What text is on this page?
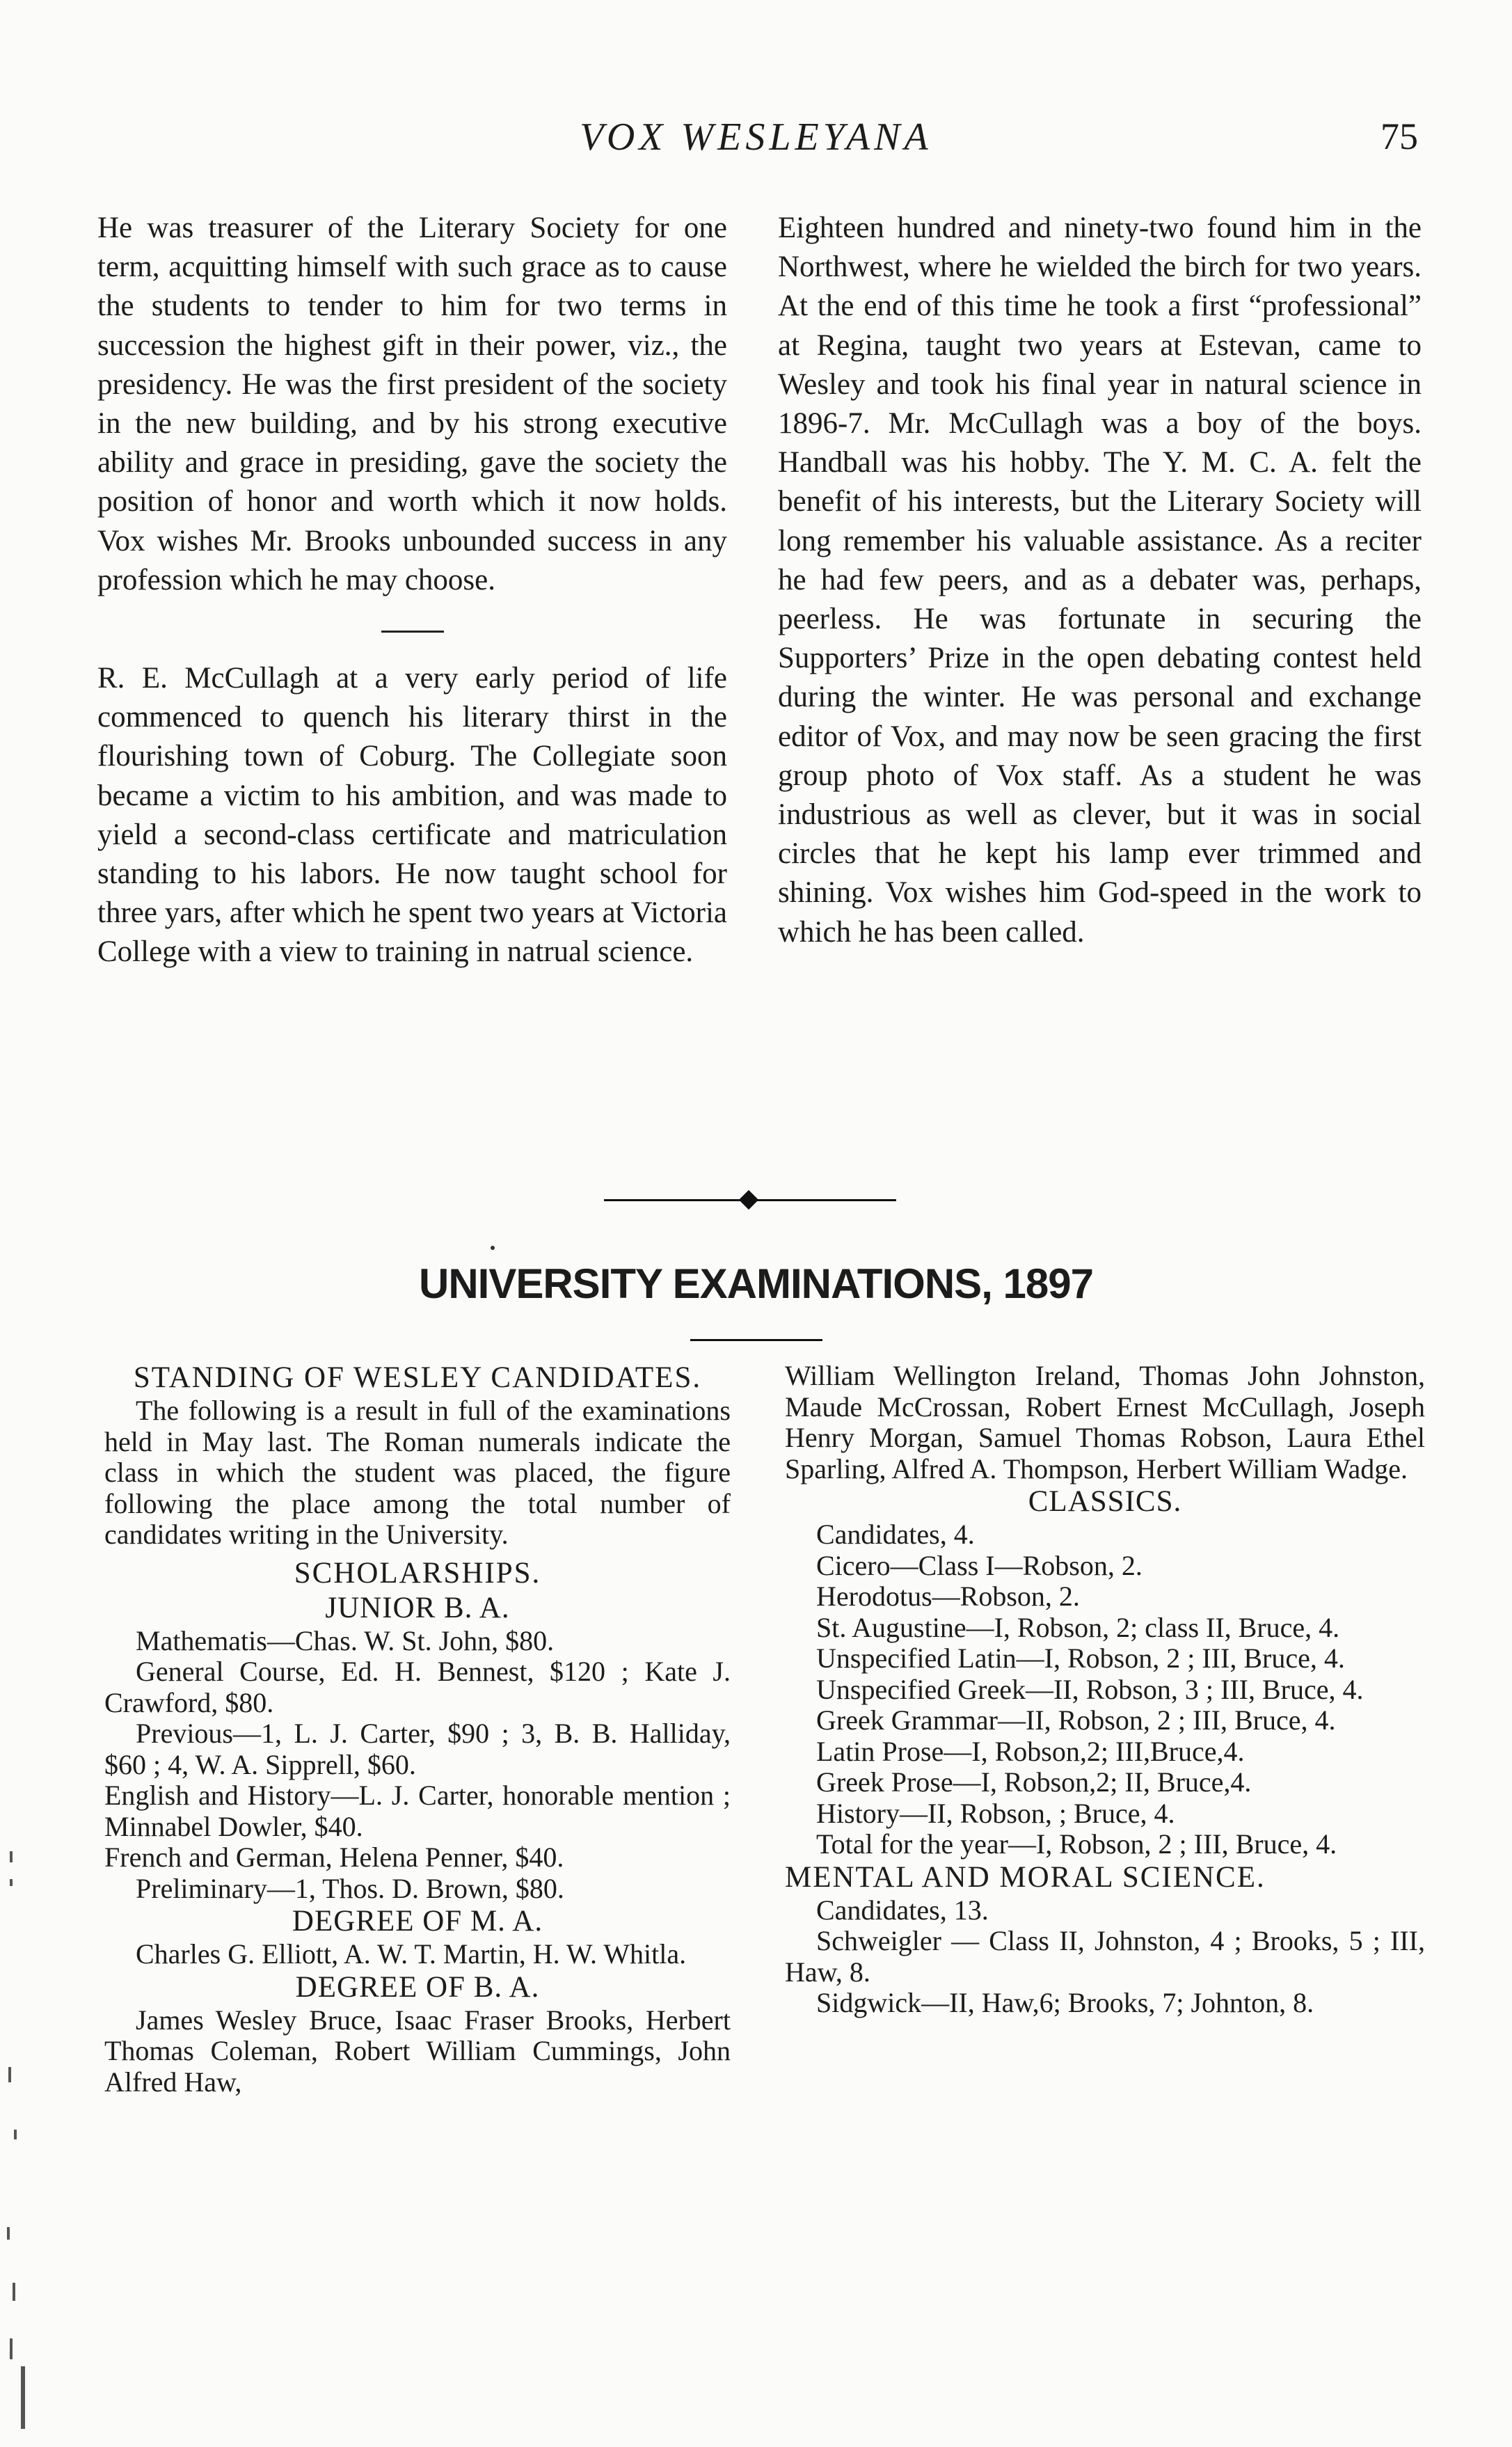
VOX WESLEYANA	75

He was treasurer of the Literary Society for one term, acquitting himself with such grace as to cause the students to tender to him for two terms in succession the highest gift in their power, viz., the presidency. He was the first president of the society in the new building, and by his strong executive ability and grace in presiding, gave the society the position of honor and worth which it now holds. Vox wishes Mr. Brooks unbounded success in any profession which he may choose.

R. E. McCullagh at a very early period of life commenced to quench his literary thirst in the flourishing town of Coburg. The Collegiate soon became a victim to his ambition, and was made to yield a second-class certificate and matriculation standing to his labors. He now taught school for three yars, after which he spent two years at Victoria College with a view to training in natrual science.

Eighteen hundred and ninety-two found him in the Northwest, where he wielded the birch for two years. At the end of this time he took a first “professional” at Regina, taught two years at Estevan, came to Wesley and took his final year in natural science in 1896-7. Mr. McCullagh was a boy of the boys. Handball was his hobby. The Y. M. C. A. felt the benefit of his interests, but the Literary Society will long remember his valuable assistance. As a reciter he had few peers, and as a debater was, perhaps, peerless. He was fortunate in securing the Supporters’ Prize in the open debating contest held during the winter. He was personal and exchange editor of Vox, and may now be seen gracing the first group photo of Vox staff. As a student he was industrious as well as clever, but it was in social circles that he kept his lamp ever trimmed and shining. Vox wishes him God-speed in the work to which he has been called.

UNIVERSITY EXAMINATIONS, 1897

STANDING OF WESLEY CANDIDATES.

The following is a result in full of the examinations held in May last. The Roman numerals indicate the class in which the student was placed, the figure following the place among the total number of candidates writing in the University.

SCHOLARSHIPS.

JUNIOR B. A.

Mathematis—Chas. W. St. John, $80.

General Course, Ed. H. Bennest, $120 ; Kate J. Crawford, $80.

Previous—1, L. J. Carter, $90 ; 3, B. B. Halliday, $60 ; 4, W. A. Sipprell, $60.

English and History—L. J. Carter, honorable mention ; Minnabel Dowler, $40.

French and German, Helena Penner, $40.

Preliminary—1, Thos. D. Brown, $80.

DEGREE OF M. A.

Charles G. Elliott, A. W. T. Martin, H. W. Whitla.

DEGREE OF B. A.

James Wesley Bruce, Isaac Fraser Brooks, Herbert Thomas Coleman, Robert William Cummings, John Alfred Haw,

William Wellington Ireland, Thomas John Johnston, Maude McCrossan, Robert Ernest McCullagh, Joseph Henry Morgan, Samuel Thomas Robson, Laura Ethel Sparling, Alfred A. Thompson, Herbert William Wadge.

CLASSICS.

Candidates, 4.

Cicero—Class I—Robson, 2.

Herodotus—Robson, 2.

St. Augustine—I, Robson, 2; class II, Bruce, 4.

Unspecified Latin—I, Robson, 2 ; III, Bruce, 4.

Unspecified Greek—II, Robson, 3 ; III, Bruce, 4.

Greek Grammar—II, Robson, 2 ; III, Bruce, 4.

Latin Prose—I, Robson,2; III,Bruce,4.

Greek Prose—I, Robson,2; II, Bruce,4.

History—II, Robson, ; Bruce, 4.

Total for the year—I, Robson, 2 ; III, Bruce, 4.

MENTAL AND MORAL SCIENCE.

Candidates, 13.

Schweigler — Class II, Johnston, 4 ; Brooks, 5 ; III, Haw, 8.

Sidgwick—II, Haw,6; Brooks, 7; Johnton, 8.
